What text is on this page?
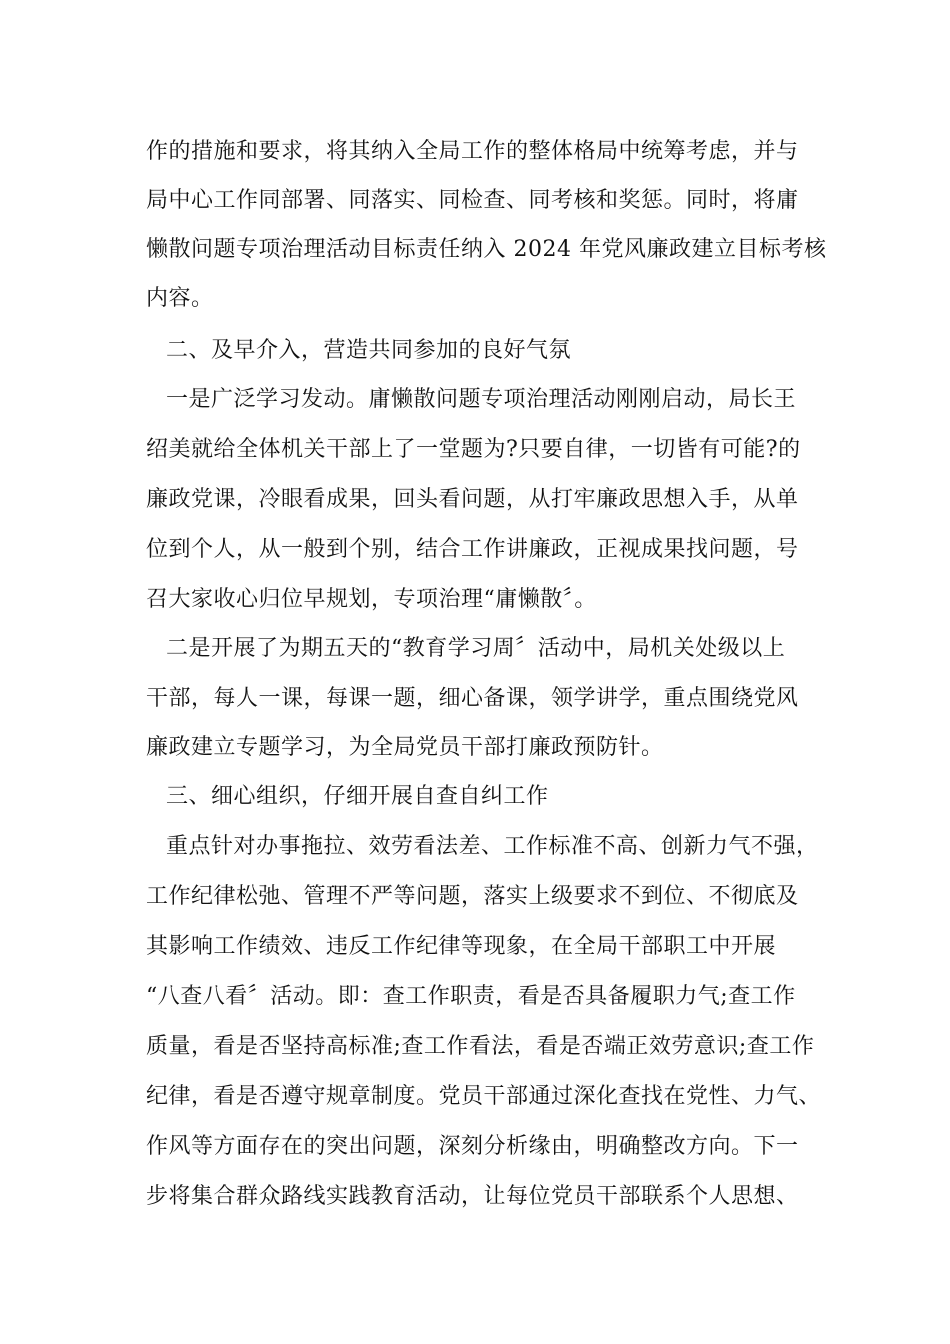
作的措施和要求，将其纳入全局工作的整体格局中统筹考虑，并与
局中心工作同部署、同落实、同检查、同考核和奖惩。同时，将庸
懒散问题专项治理活动目标责任纳入 2024 年党风廉政建立目标考核
内容。
二、及早介入，营造共同参加的良好气氛
一是广泛学习发动。庸懒散问题专项治理活动刚刚启动，局长王
绍美就给全体机关干部上了一堂题为?只要自律，一切皆有可能?的
廉政党课，冷眼看成果，回头看问题，从打牢廉政思想入手，从单
位到个人，从一般到个别，结合工作讲廉政，正视成果找问题，号
召大家收心归位早规划，专项治理“庸懒散〞。
二是开展了为期五天的“教育学习周〞活动中，局机关处级以上
干部，每人一课，每课一题，细心备课，领学讲学，重点围绕党风
廉政建立专题学习，为全局党员干部打廉政预防针。
三、细心组织，仔细开展自查自纠工作
重点针对办事拖拉、效劳看法差、工作标准不高、创新力气不强，
工作纪律松弛、管理不严等问题，落实上级要求不到位、不彻底及
其影响工作绩效、违反工作纪律等现象，在全局干部职工中开展
“八查八看〞活动。即：查工作职责，看是否具备履职力气;查工作
质量，看是否坚持高标准;查工作看法，看是否端正效劳意识;查工作
纪律，看是否遵守规章制度。党员干部通过深化查找在党性、力气、
作风等方面存在的突出问题，深刻分析缘由，明确整改方向。下一
步将集合群众路线实践教育活动，让每位党员干部联系个人思想、
